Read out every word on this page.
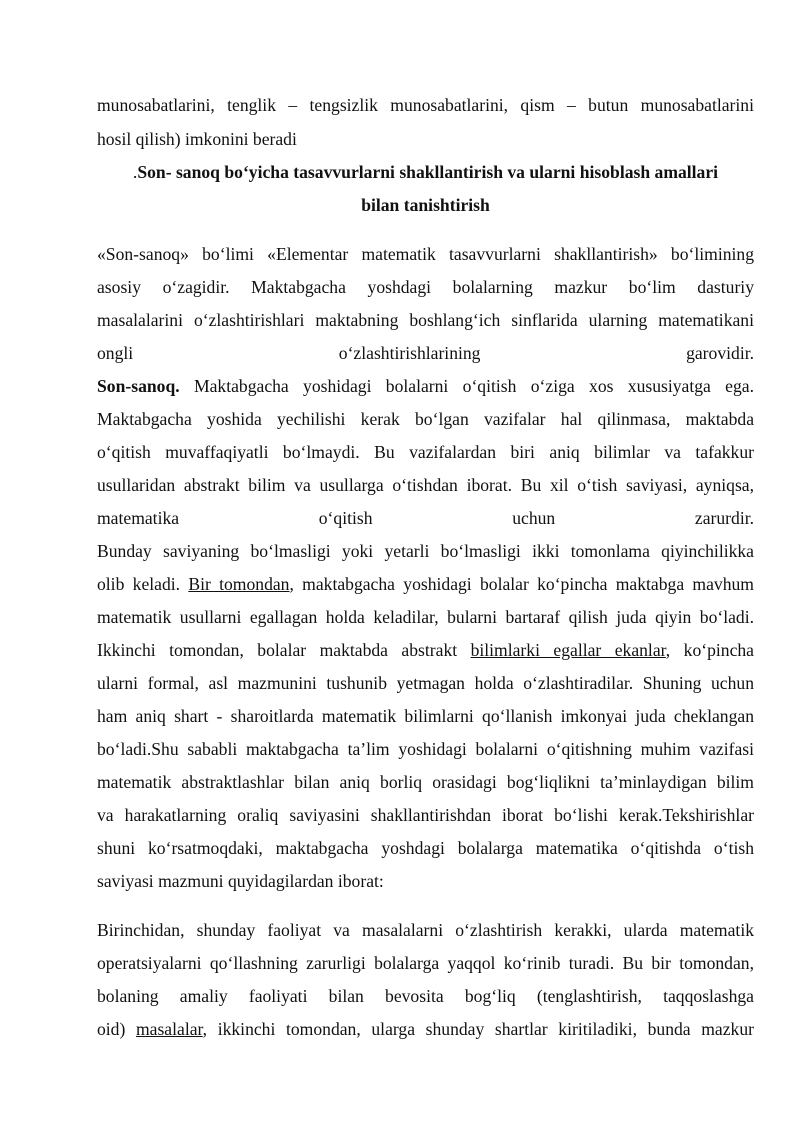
munosabatlarini, tenglik – tengsizlik munosabatlarini, qism – butun munosabatlarini
hosil qilish) imkonini beradi
.Son- sanoq bo‘yicha tasavvurlarni shakllantirish va ularni hisoblash amallari
bilan tanishtirish
«Son-sanoq» bo‘limi «Elementar matematik tasavvurlarni shakllantirish» bo‘limining
asosiy o‘zagidir. Maktabgacha yoshdagi bolalarning mazkur bo‘lim dasturiy
masalalarini o‘zlashtirishlari maktabning boshlang‘ich sinflarida ularning matematikani
ongli o‘zlashtirishlarining garovidir.
Son-sanoq. Maktabgacha yoshidagi bolalarni o‘qitish o‘ziga xos xususiyatga ega.
Maktabgacha yoshida yechilishi kerak bo‘lgan vazifalar hal qilinmasa, maktabda
o‘qitish muvaffaqiyatli bo‘lmaydi. Bu vazifalardan biri aniq bilimlar va tafakkur
usullaridan abstrakt bilim va usullarga o‘tishdan iborat. Bu xil o‘tish saviyasi, ayniqsa,
matematika o‘qitish uchun zarurdir.
Bunday saviyaning bo‘lmasligi yoki yetarli bo‘lmasligi ikki tomonlama qiyinchilikka
olib keladi. Bir tomondan, maktabgacha yoshidagi bolalar ko‘pincha maktabga mavhum
matematik usullarni egallagan holda keladilar, bularni bartaraf qilish juda qiyin bo‘ladi.
Ikkinchi tomondan, bolalar maktabda abstrakt bilimlarki egallar ekanlar, ko‘pincha
ularni formal, asl mazmunini tushunib yetmagan holda o‘zlashtiradilar. Shuning uchun
ham aniq shart - sharoitlarda matematik bilimlarni qo‘llanish imkonyai juda cheklangan
bo‘ladi.Shu sababli maktabgacha ta’lim yoshidagi bolalarni o‘qitishning muhim vazifasi
matematik abstraktlashlar bilan aniq borliq orasidagi bog‘liqlikni ta’minlaydigan bilim
va harakatlarning oraliq saviyasini shakllantirishdan iborat bo‘lishi kerak.Tekshirishlar
shuni ko‘rsatmoqdaki, maktabgacha yoshdagi bolalarga matematika o‘qitishda o‘tish
saviyasi mazmuni quyidagilardan iborat:
Birinchidan, shunday faoliyat va masalalarni o‘zlashtirish kerakki, ularda matematik
operatsiyalarni qo‘llashning zarurligi bolalarga yaqqol ko‘rinib turadi. Bu bir tomondan,
bolaning amaliy faoliyati bilan bevosita bog‘liq (tenglashtirish, taqqoslashga
oid) masalalar, ikkinchi tomondan, ularga shunday shartlar kiritiladiki, bunda mazkur
